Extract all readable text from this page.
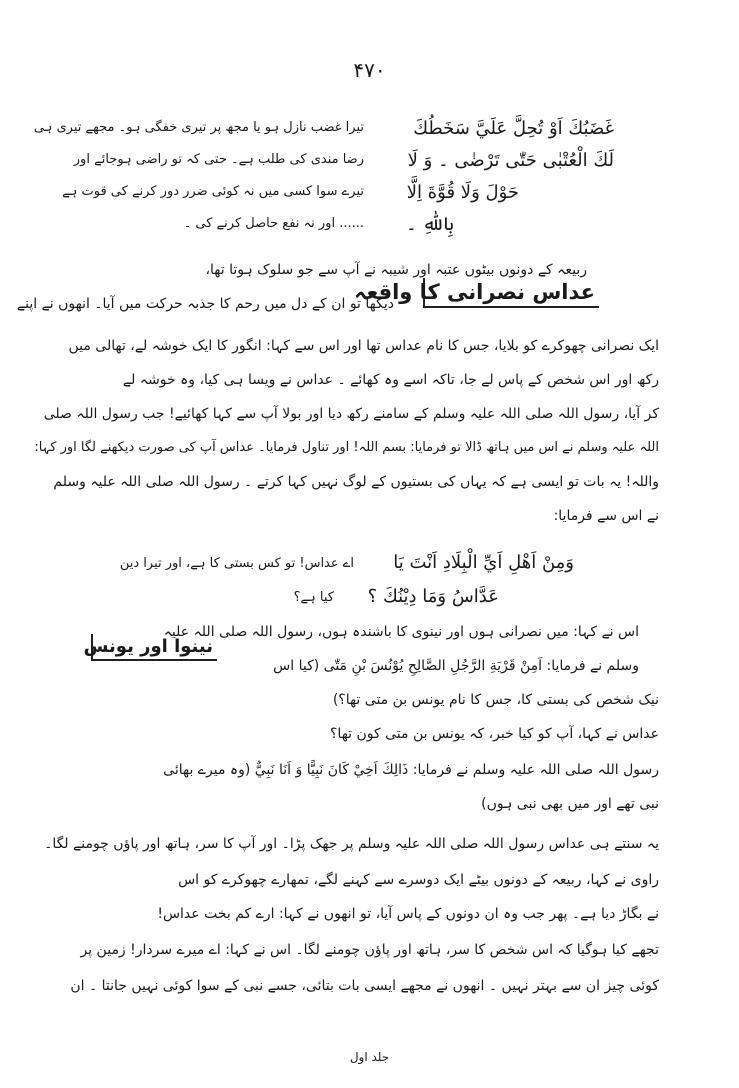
۴۷۰
غَضَبُكَ اَوْ تُحِلَّ عَلَيَّ سَخَطُكَ
لَكَ الْعُتْبٰى حَتّٰى تَرْضٰى ۔ وَ لَا
حَوْلَ وَلَا قُوَّةَ اِلَّا
بِاللّٰهِ ۔
تیرا غضب نازل ہو یا مجھ پر تیری خفگی ہو۔ مجھے تیری ہی
رضا مندی کی طلب ہے۔ حتی کہ تو راضی ہوجائے اور
تیرے سوا کسی میں نہ کوئی ضرر دور کرنے کی قوت ہے
...... اور نہ نفع حاصل کرنے کی ۔
عداس نصرانی کا واقعہ
ربیعہ کے دونوں بیٹوں عتبہ اور شیبہ نے آپ سے جو سلوک ہوتا تھا،
دیکھا تو ان کے دل میں رحم کا جذبہ حرکت میں آیا۔ انھوں نے اپنے
ایک نصرانی چھوکرے کو بلایا، جس کا نام عداس تھا اور اس سے کہا: انگور کا ایک خوشہ لے، تھالی میں
رکھ اور اس شخص کے پاس لے جا، تاکہ اسے وہ کھائے ۔ عداس نے ویسا ہی کیا، وہ خوشہ لے
کر آیا، رسول اللہ صلی اللہ علیہ وسلم کے سامنے رکھ دیا اور بولا آپ سے کہا کھائیے! جب رسول اللہ صلی
اللہ علیہ وسلم نے اس میں ہاتھ ڈالا تو فرمایا: بسم اللہ! اور تناول فرمایا۔ عداس آپ کی صورت دیکھنے لگا اور کہا:
واللہ! یہ بات تو ایسی ہے کہ یہاں کی بستیوں کے لوگ نہیں کہا کرتے ۔ رسول اللہ صلی اللہ علیہ وسلم
نے اس سے فرمایا:
وَمِنْ اَهْلِ اَيِّ الْبِلَادِ اَنْتَ يَا
عَدَّاسُ وَمَا دِيْنُكَ ؟
اے عداس! تو کس بستی کا ہے، اور تیرا دین
کیا ہے؟
نینوا اور یونس
اس نے کہا: میں نصرانی ہوں اور نینوی کا باشندہ ہوں، رسول اللہ صلی اللہ علیہ
وسلم نے فرمایا: اَمِنْ قَرْيَةِ الرَّجُلِ الصَّالِحِ يُوْنُسَ بْنِ مَتّٰى (کیا اس
نیک شخص کی بستی کا، جس کا نام یونس بن متی تھا؟)
عداس نے کہا، آپ کو کیا خبر، کہ یونس بن متی کون تھا؟
رسول اللہ صلی اللہ علیہ وسلم نے فرمایا: ذَالِكَ اَخِيْ كَانَ نَبِيًّا وَ اَنَا نَبِيٌّ (وہ میرے بھائی
نبی تھے اور میں بھی نبی ہوں)
یہ سنتے ہی عداس رسول اللہ صلی اللہ علیہ وسلم پر جھک پڑا۔ اور آپ کا سر، ہاتھ اور پاؤں چومنے لگا۔
راوی نے کہا، ربیعہ کے دونوں بیٹے ایک دوسرے سے کہنے لگے، تمھارے چھوکرے کو اس
نے بگاڑ دیا ہے۔ پھر جب وہ ان دونوں کے پاس آیا، تو انھوں نے کہا: ارے کم بخت عداس!
تجھے کیا ہوگیا کہ اس شخص کا سر، ہاتھ اور پاؤں چومنے لگا۔ اس نے کہا: اے میرے سردار! زمین پر
کوئی چیز ان سے بہتر نہیں ۔ انھوں نے مجھے ایسی بات بتائی، جسے نبی کے سوا کوئی نہیں جانتا ۔ ان
جلد اول
